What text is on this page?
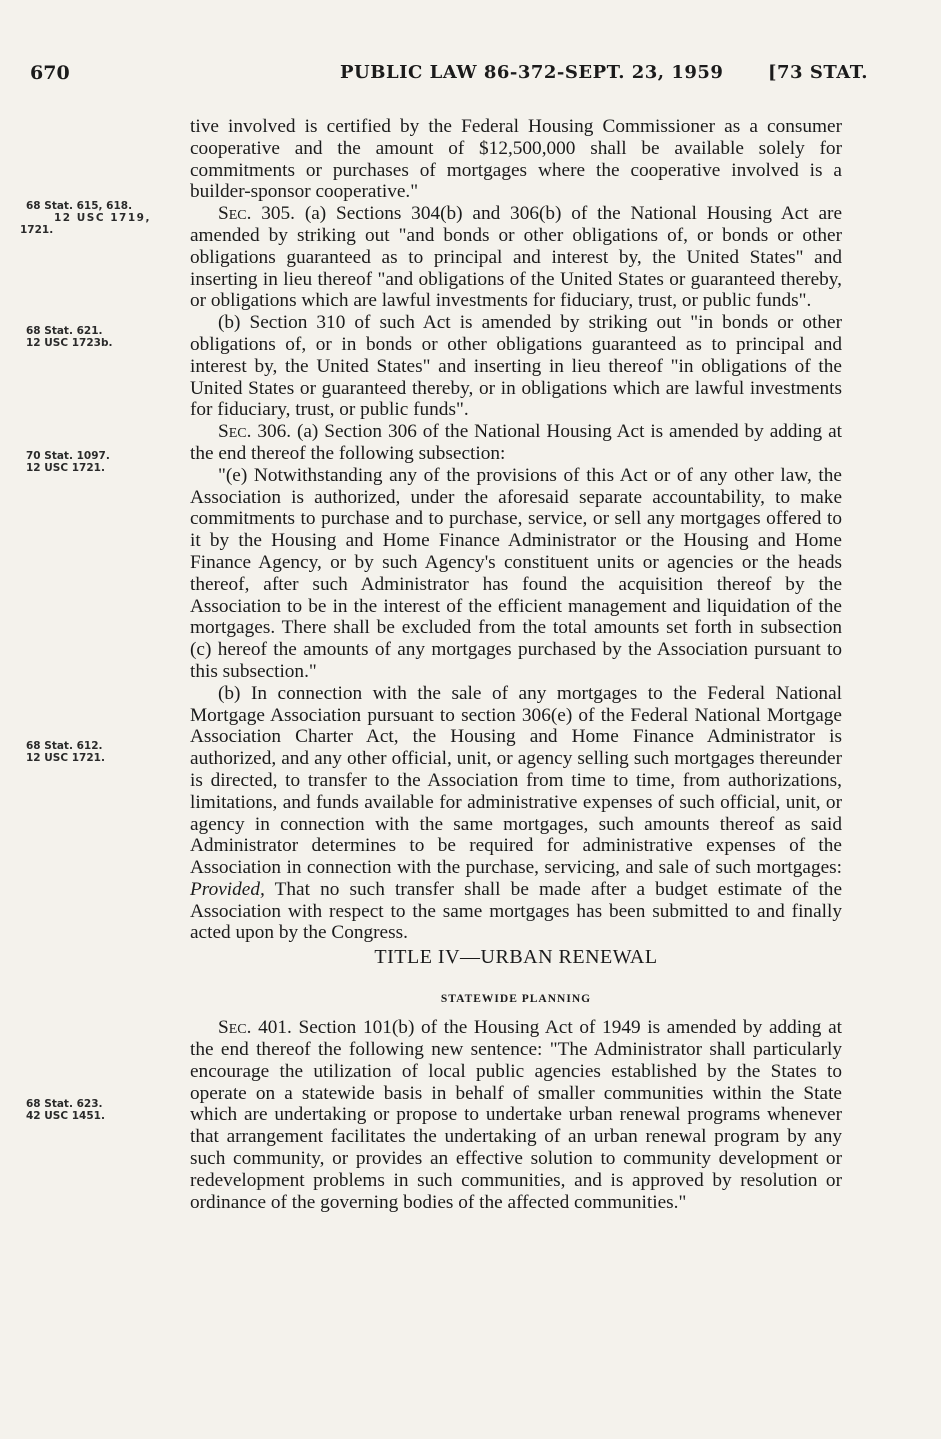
670	PUBLIC LAW 86-372-SEPT. 23, 1959 [73 STAT.
68 Stat. 615, 618.
12 USC 1719,
1721.
68 Stat. 621.
12 USC 1723b.
70 Stat. 1097.
12 USC 1721.
68 Stat. 612.
12 USC 1721.
68 Stat. 623.
42 USC 1451.

tive involved is certified by the Federal Housing Commissioner as a consumer cooperative and the amount of $12,500,000 shall be available solely for commitments or purchases of mortgages where the cooperative involved is a builder-sponsor cooperative."

Sec. 305. (a) Sections 304(b) and 306(b) of the National Housing Act are amended by striking out "and bonds or other obligations of, or bonds or other obligations guaranteed as to principal and interest by, the United States" and inserting in lieu thereof "and obligations of the United States or guaranteed thereby, or obligations which are lawful investments for fiduciary, trust, or public funds".

(b) Section 310 of such Act is amended by striking out "in bonds or other obligations of, or in bonds or other obligations guaranteed as to principal and interest by, the United States" and inserting in lieu thereof "in obligations of the United States or guaranteed thereby, or in obligations which are lawful investments for fiduciary, trust, or public funds".

Sec. 306. (a) Section 306 of the National Housing Act is amended by adding at the end thereof the following subsection:

"(e) Notwithstanding any of the provisions of this Act or of any other law, the Association is authorized, under the aforesaid separate accountability, to make commitments to purchase and to purchase, service, or sell any mortgages offered to it by the Housing and Home Finance Administrator or the Housing and Home Finance Agency, or by such Agency's constituent units or agencies or the heads thereof, after such Administrator has found the acquisition thereof by the Association to be in the interest of the efficient management and liquidation of the mortgages. There shall be excluded from the total amounts set forth in subsection (c) hereof the amounts of any mortgages purchased by the Association pursuant to this subsection."

(b) In connection with the sale of any mortgages to the Federal National Mortgage Association pursuant to section 306(e) of the Federal National Mortgage Association Charter Act, the Housing and Home Finance Administrator is authorized, and any other official, unit, or agency selling such mortgages thereunder is directed, to transfer to the Association from time to time, from authorizations, limitations, and funds available for administrative expenses of such official, unit, or agency in connection with the same mortgages, such amounts thereof as said Administrator determines to be required for administrative expenses of the Association in connection with the purchase, servicing, and sale of such mortgages: Provided, That no such transfer shall be made after a budget estimate of the Association with respect to the same mortgages has been submitted to and finally acted upon by the Congress.

TITLE IV—URBAN RENEWAL
STATEWIDE PLANNING

Sec. 401. Section 101(b) of the Housing Act of 1949 is amended by adding at the end thereof the following new sentence: "The Administrator shall particularly encourage the utilization of local public agencies established by the States to operate on a statewide basis in behalf of smaller communities within the State which are undertaking or propose to undertake urban renewal programs whenever that arrangement facilitates the undertaking of an urban renewal program by any such community, or provides an effective solution to community development or redevelopment problems in such communities, and is approved by resolution or ordinance of the governing bodies of the affected communities."
